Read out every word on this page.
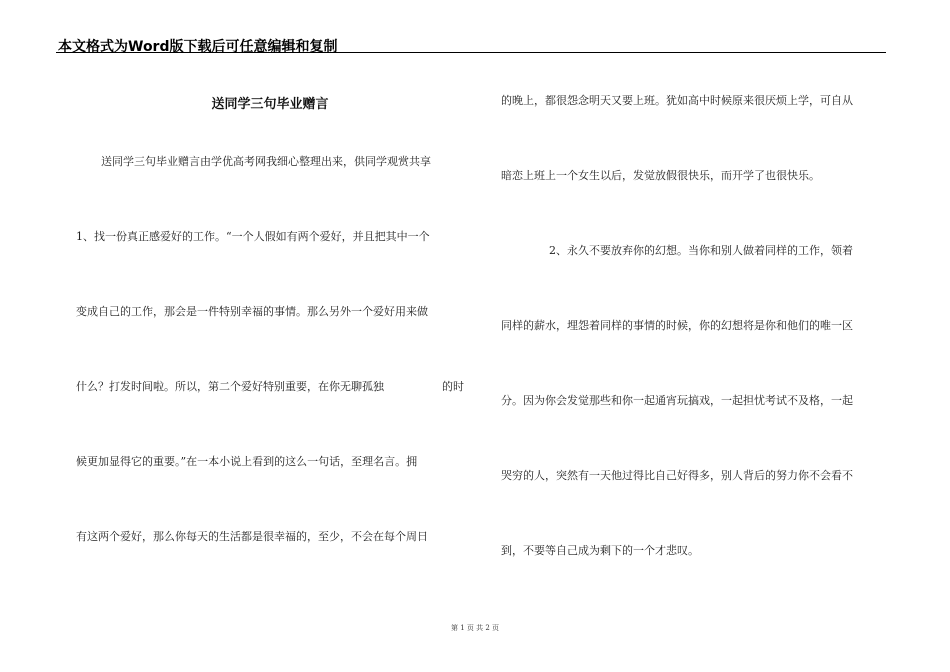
本文格式为Word版下载后可任意编辑和复制
送同学三句毕业赠言
送同学三句毕业赠言由学优高考网我细心整理出来，供同学观赏共享
1、找一份真正感爱好的工作。“一个人假如有两个爱好，并且把其中一个
变成自己的工作，那会是一件特别幸福的事情。那么另外一个爱好用来做
什么？打发时间啦。所以，第二个爱好特别重要，在你无聊孤独	的时
候更加显得它的重要。”在一本小说上看到的这么一句话，至理名言。拥
有这两个爱好，那么你每天的生活都是很幸福的，至少，不会在每个周日
的晚上，都很怨念明天又要上班。犹如高中时候原来很厌烦上学，可自从
暗恋上班上一个女生以后，发觉放假很快乐，而开学了也很快乐。
2、永久不要放弃你的幻想。当你和别人做着同样的工作，领着
同样的薪水，埋怨着同样的事情的时候，你的幻想将是你和他们的唯一区
分。因为你会发觉那些和你一起通宵玩搞戏，一起担忧考试不及格，一起
哭穷的人，突然有一天他过得比自己好得多，别人背后的努力你不会看不
到，不要等自己成为剩下的一个才悲叹。
第 1 页 共 2 页
